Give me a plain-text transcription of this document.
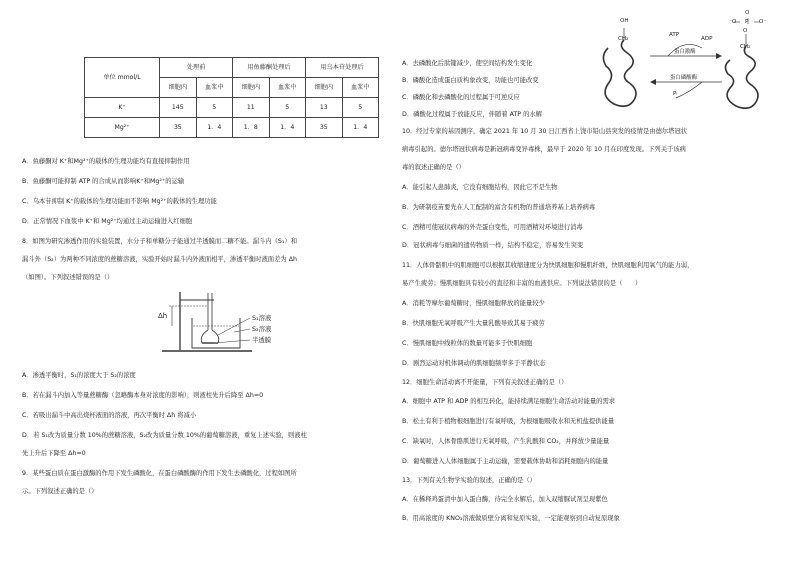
单位 mmol/L	处理前		用鱼藤酮处理后		用乌本苷处理后	
	细胞内	血浆中	细胞内	血浆中	细胞内	血浆中
K⁺	145	5	11	5	13	5
Mg²⁺	35	1．4	1．8	1．4	35	1．4
A．鱼藤酮对 K⁺和Mg²⁺的载体的生理功能均有直接抑制作用
B．鱼藤酮可能抑制 ATP 的合成从而影响K⁺和Mg²⁺的运输
C．乌本苷抑制 K⁺的载体的生理功能而不影响 Mg²⁺的载体的生理功能
D．正常情况下血浆中 K⁺和 Mg²⁺均通过主动运输进入红细胞
8．如图为研究渗透作用的实验装置，水分子和单糖分子能通过半透膜而二糖不能。漏斗内（S₁）和
漏斗外（S₂）为两种不同浓度的蔗糖溶液，实验开始时漏斗内外液面相平，渗透平衡时液面差为 Δh
（如图）。下列叙述错误的是（）
Δh	S₁溶液
S₂溶液
半透膜
A．渗透平衡时，S₁的浓度大于 S₂的浓度
B．若在漏斗内加入等量蔗糖酶（忽略酶本身对浓度的影响），则液柱先升后降至 Δh=0
C．若吸出漏斗中高出烧杯液面的溶液，再次平衡时 Δh 将减小
D．若 S₁改为质量分数 10%的蔗糖溶液，S₂改为质量分数 10%的葡萄糖溶液，重复上述实验，则液柱
先上升后下降至 Δh=0
9．某些蛋白质在蛋白激酶的作用下发生磷酸化，在蛋白磷酸酶的作用下发生去磷酸化，过程如图所
示。下列叙述正确的是（）
A．去磷酸化后肽键减少，使空间结构发生变化
B．磷酸化造成蛋白质构象改变，功能也可能改变
C．磷酸化和去磷酸化的过程属于可逆反应
D．磷酸化过程属于放能反应，伴随着 ATP 的水解
OH
CH₂
ATP
ADP
蛋白激酶
蛋白磷酸酶
Pᵢ
O
⁻O P O⁻
O
CH₂
10．经过专家的基因测序，确定 2021 年 10 月 30 日江西省上饶市铅山县突发的疫情是由德尔塔冠状
病毒引起的。德尔塔冠状病毒是新冠病毒变异毒株，最早于 2020 年 10 月在印度发现。下列关于该病
毒的叙述正确的是（）
A．能引起人患肺炎，它没有细胞结构，因此它不是生物
B．为研制疫苗要先在人工配制的富含有机物的普通培养基上培养病毒
C．酒精可使冠状病毒的外壳蛋白变性，可用酒精对环境进行消毒
D．冠状病毒与细菌的遗传物质一样，结构不稳定，容易发生突变
11．人体骨骼肌中的肌细胞可以根据其收缩速度分为快肌细胞和慢肌纤维，快肌细胞利用氧气的能力弱，
易产生疲劳；慢肌细胞具有较小的直径和丰富的血液供应。下列说法错误的是（　　）
A．消耗等摩尔葡萄糖时，慢肌细胞释放的能量较少
B．快肌细胞无氧呼吸产生大量乳酸导致其易于疲劳
C．慢肌细胞中线粒体的数量可能多于快肌细胞
D．剧烈运动对机体调动的肌细胞频率多于平静状态
12．细胞生命活动离不开能量，下列有关叙述正确的是（）
A．细胞中 ATP 和 ADP 的相互转化，能持续满足细胞生命活动对能量的需求
B．松土有利于植物根细胞进行有氧呼吸，为根细胞吸收水和无机盐提供能量
C．缺氧时，人体骨骼肌进行无氧呼吸，产生乳酸和 CO₂，并释放少量能量
D．葡萄糖进入人体细胞属于主动运输，需要载体协助和消耗细胞内的能量
13．下列有关生物学实验的叙述，正确的是（）
A．在稀释鸡蛋清中加入蛋白酶，待完全水解后，加入双缩脲试剂呈现紫色
B．用高浓度的 KNO₃溶液做质壁分离和复原实验，一定能观察到自动复原现象
